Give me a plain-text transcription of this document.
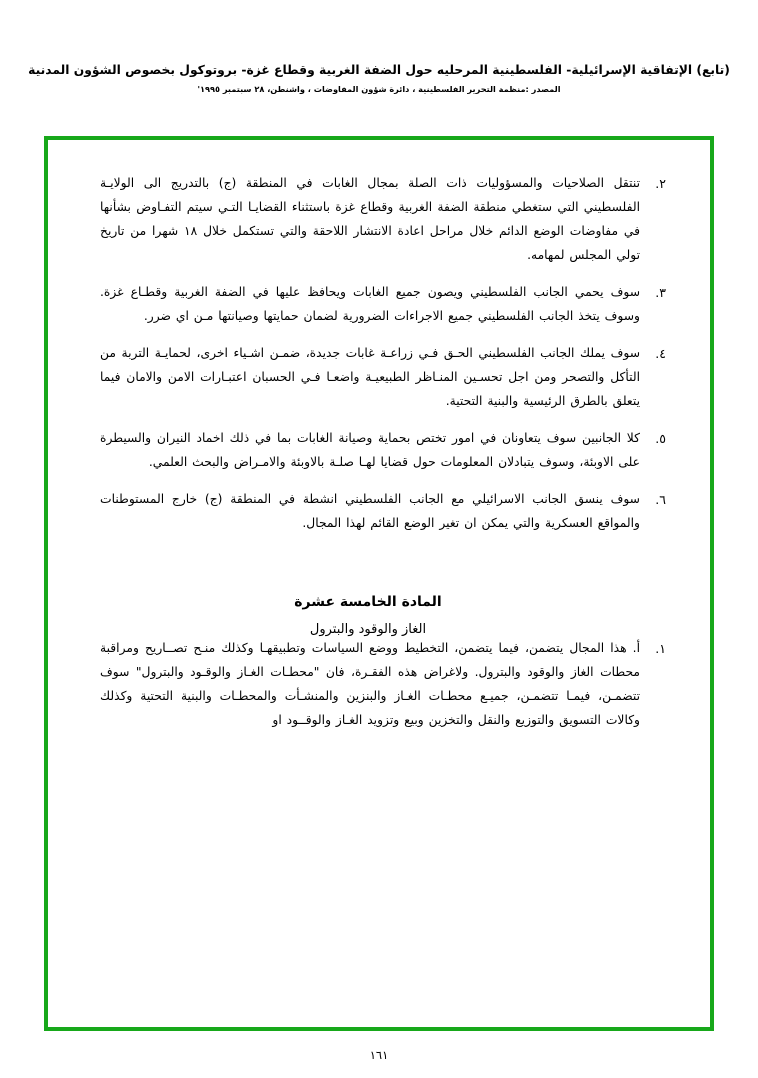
(تابع) الإتفاقية الإسرائيلية- الفلسطينية المرحليه حول الضفة الغربية وقطاع غزة- بروتوكول بخصوص الشؤون المدنية
المصدر :منظمة التحرير الفلسطينية ، دائرة شؤون المفاوضات ، واشنطن، ٢٨ سبتمبر ١٩٩٥'
٢.
تنتقل الصلاحيات والمسؤوليات ذات الصلة بمجال الغابات في المنطقة (ج) بالتدريج الى الولايـة الفلسطيني التي ستغطي منطقة الضفة الغربية وقطاع غزة باستثناء القضايـا التـي سيتم التفـاوض بشأنها في مفاوضات الوضع الدائم خلال مراحل اعادة الانتشار اللاحقة والتي تستكمل خلال ١٨ شهرا من تاريخ تولي المجلس لمهامه.
٣.
سوف يحمي الجانب الفلسطيني ويصون جميع الغابات ويحافظ عليها في الضفة الغربية وقطـاع غزة. وسوف يتخذ الجانب الفلسطيني جميع الاجراءات الضرورية لضمان حمايتها وصيانتها مـن اي ضرر.
٤.
سوف يملك الجانب الفلسطيني الحـق فـي زراعـة غابات جديدة، ضمـن اشـياء اخرى، لحمايـة التربة من التأكل والتصحر ومن اجل تحسـين المنـاظر الطبيعيـة واضعـا فـي الحسبان اعتبـارات الامن والامان فيما يتعلق بالطرق الرئيسية والبنية التحتية.
٥.
كلا الجانبين سوف يتعاونان في امور تختص بحماية وصيانة الغابات بما في ذلك اخماد النيران والسيطرة على الاوبئة، وسوف يتبادلان المعلومات حول قضايا لهـا صلـة بالاوبئة والامـراض والبحث العلمي.
٦.
سوف ينسق الجانب الاسرائيلي مع الجانب الفلسطيني انشطة في المنطقة (ج) خارج المستوطنات والمواقع العسكرية والتي يمكن ان تغير الوضع القائم لهذا المجال.
المادة الخامسة عشرة
الغاز والوقود والبترول
١.
أ. هذا المجال يتضمن، فيما يتضمن، التخطيط ووضع السياسات وتطبيقهـا وكذلك منـح تصــاريح ومراقبة محطات الغاز والوقود والبترول. ولاغراض هذه الفقـرة، فان "محطـات الغـاز والوقـود والبترول" سوف تتضمـن، فيمـا تتضمـن، جميـع محطـات الغـاز والبنزين والمنشـأت والمحطـات والبنية التحتية وكذلك وكالات التسويق والتوزيع والنقل والتخزين وبيع وتزويد الغـاز والوقــود او
١٦١
